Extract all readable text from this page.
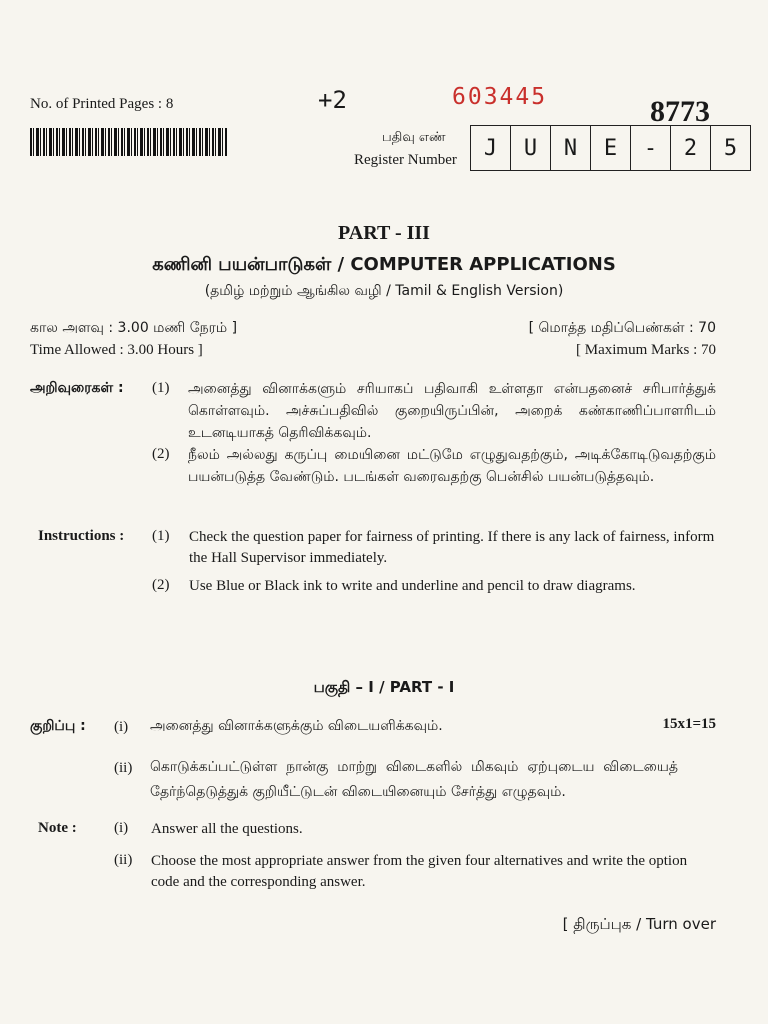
No. of Printed Pages : 8	+2	603445	8773
பதிவு எண்
Register Number	J	U	N	E	-	2	5
PART - III
கணினி பயன்பாடுகள் / COMPUTER APPLICATIONS
(தமிழ் மற்றும் ஆங்கில வழி / Tamil & English Version)
கால அளவு : 3.00 மணி நேரம் ]
Time Allowed : 3.00 Hours ]
[ மொத்த மதிப்பெண்கள் : 70
[ Maximum Marks : 70
அறிவுரைகள் : (1) அனைத்து வினாக்களும் சரியாகப் பதிவாகி உள்ளதா என்பதனைச் சரிபார்த்துக் கொள்ளவும். அச்சுப்பதிவில் குறையிருப்பின், அறைக் கண்காணிப்பாளரிடம் உடனடியாகத் தெரிவிக்கவும்.
(2) நீலம் அல்லது கருப்பு மையினை மட்டுமே எழுதுவதற்கும், அடிக்கோடிடுவதற்கும் பயன்படுத்த வேண்டும். படங்கள் வரைவதற்கு பென்சில் பயன்படுத்தவும்.
Instructions : (1) Check the question paper for fairness of printing. If there is any lack of fairness, inform the Hall Supervisor immediately.
(2) Use Blue or Black ink to write and underline and pencil to draw diagrams.
பகுதி – I / PART - I
குறிப்பு : (i) அனைத்து வினாக்களுக்கும் விடையளிக்கவும்.	15x1=15
(ii) கொடுக்கப்பட்டுள்ள நான்கு மாற்று விடைகளில் மிகவும் ஏற்புடைய விடையைத் தேர்ந்தெடுத்துக் குறியீட்டுடன் விடையினையும் சேர்த்து எழுதவும்.
Note : (i) Answer all the questions.
(ii) Choose the most appropriate answer from the given four alternatives and write the option code and the corresponding answer.
[ திருப்புக / Turn over
